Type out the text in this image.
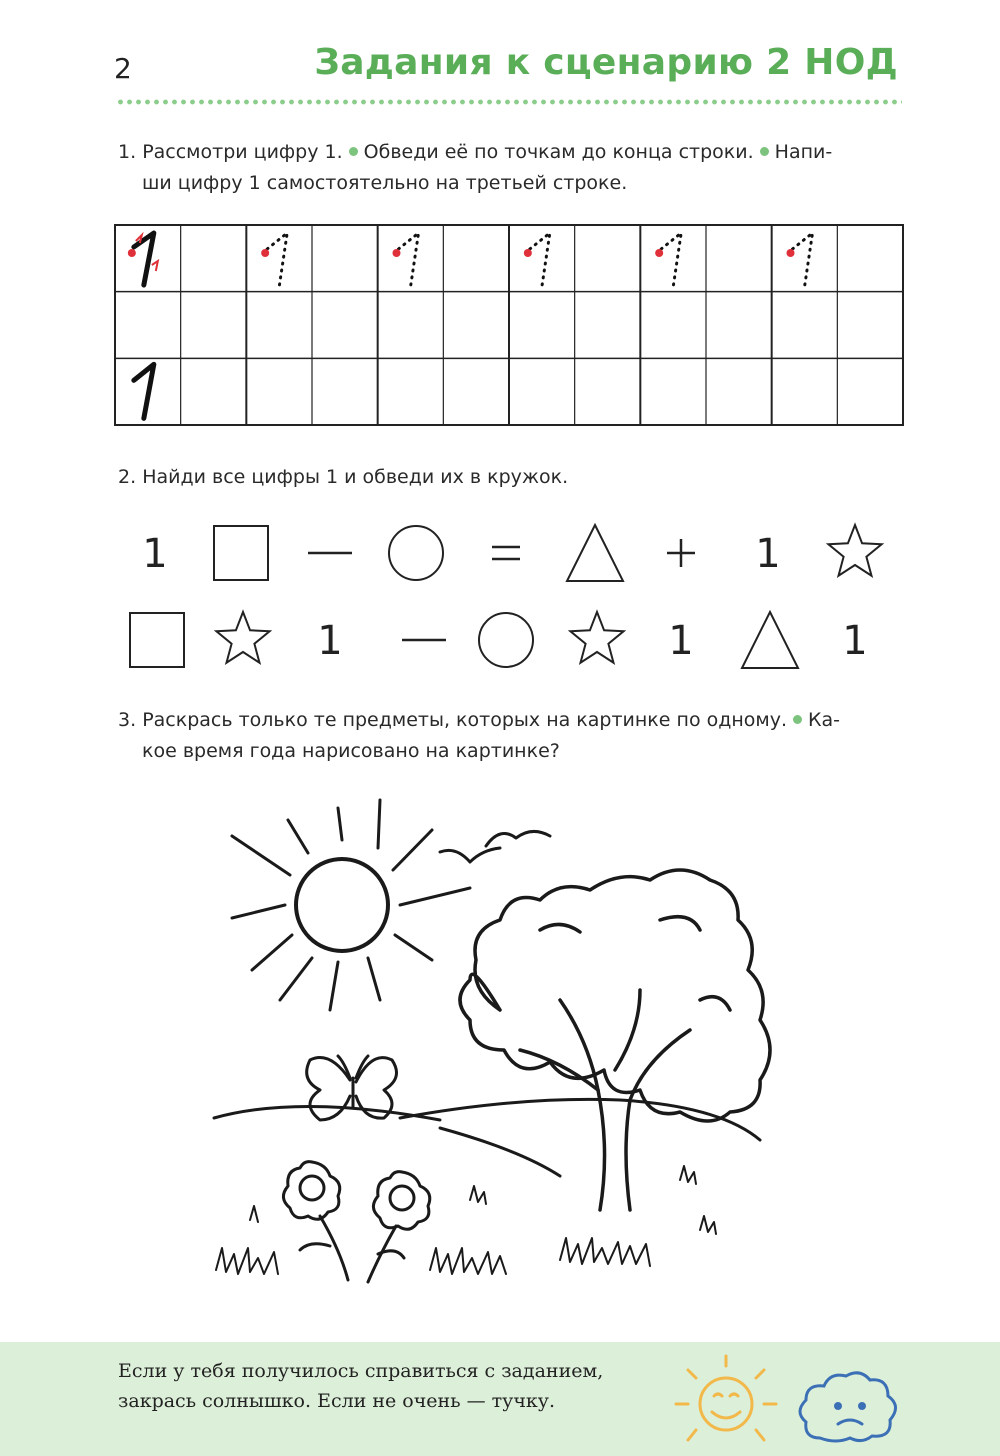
2	Задания к сценарию 2 НОД
1. Рассмотри цифру 1. Обведи её по точкам до конца строки. Напи-
ши цифру 1 самостоятельно на третьей строке.
2. Найди все цифры 1 и обведи их в кружок.
1	1
1	1	1
3. Раскрась только те предметы, которых на картинке по одному. Ка-
кое время года нарисовано на картинке?
Если у тебя получилось справиться с заданием,
закрась солнышко. Если не очень — тучку.
